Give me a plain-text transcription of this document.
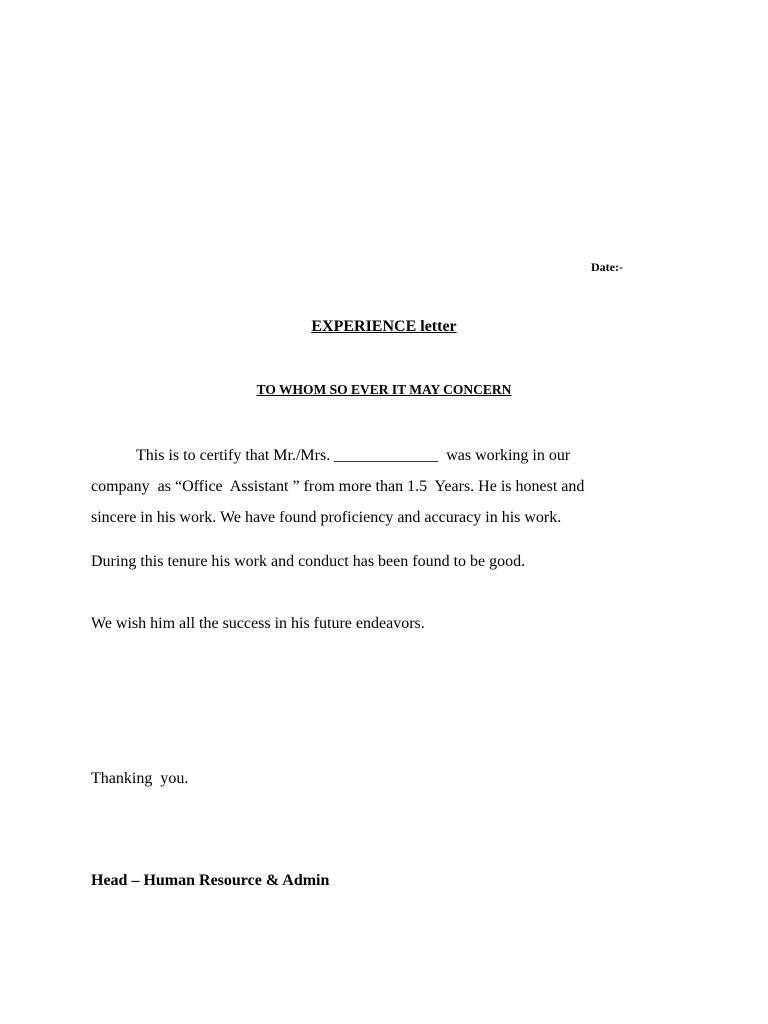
Date:-
EXPERIENCE letter
TO WHOM SO EVER IT MAY CONCERN
This is to certify that Mr./Mrs. _____________  was working in our
company  as “Office  Assistant ” from more than 1.5  Years. He is honest and
sincere in his work. We have found proficiency and accuracy in his work.
During this tenure his work and conduct has been found to be good.
We wish him all the success in his future endeavors.
Thanking  you.
Head – Human Resource & Admin
